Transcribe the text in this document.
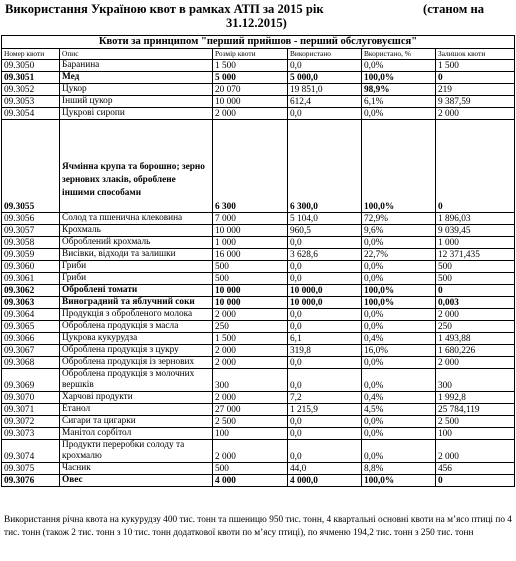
Використання Україною квот в рамках АТП за 2015 рік	(станом на
31.12.2015)
Квоти за принципом "перший прийшов - перший обслуговуєшся"					
Номер квоти	Опис	Розмір квоти	Використано	Вкористано, %	Залишок квоти
09.3050	Баранина	1 500	0,0	0,0%	1 500
09.3051	Мед	5 000	5 000,0	100,0%	0
09.3052	Цукор	20 070	19 851,0	98,9%	219
09.3053	Інший цукор	10 000	612,4	6,1%	9 387,59
09.3054	Цукрові сиропи	2 000	0,0	0,0%	2 000
09.3055	Ячмінна крупа та борошно; зерно зернових злаків, оброблене іншими способами	6 300	6 300,0	100,0%	0
09.3056	Солод та пшенична клековина	7 000	5 104,0	72,9%	1 896,03
09.3057	Крохмаль	10 000	960,5	9,6%	9 039,45
09.3058	Оброблений крохмаль	1 000	0,0	0,0%	1 000
09.3059	Висівки, відходи та залишки	16 000	3 628,6	22,7%	12 371,435
09.3060	Гриби	500	0,0	0,0%	500
09.3061	Гриби	500	0,0	0,0%	500
09.3062	Оброблені томати	10 000	10 000,0	100,0%	0
09.3063	Виноградний та яблучний соки	10 000	10 000,0	100,0%	0,003
09.3064	Продукція з обробленого молока	2 000	0,0	0,0%	2 000
09.3065	Оброблена продукція з масла	250	0,0	0,0%	250
09.3066	Цукрова кукурудза	1 500	6,1	0,4%	1 493,88
09.3067	Оброблена продукція з цукру	2 000	319,8	16,0%	1 680,226
09.3068	Оброблена продукція із зернових	2 000	0,0	0,0%	2 000
09.3069	Оброблена продукція з молочних вершків	300	0,0	0,0%	300
09.3070	Харчові продукти	2 000	7,2	0,4%	1 992,8
09.3071	Етанол	27 000	1 215,9	4,5%	25 784,119
09.3072	Сигари та цигарки	2 500	0,0	0,0%	2 500
09.3073	Манітол сорбітол	100	0,0	0,0%	100
09.3074	Продукти переробки солоду та крохмалю	2 000	0,0	0,0%	2 000
09.3075	Часник	500	44,0	8,8%	456
09.3076	Овес	4 000	4 000,0	100,0%	0
Використання річна квота на кукурудзу 400 тис. тонн та пшеницю 950 тис. тонн, 4 квартальні основні квоти на м’ясо птиці по 4 тис. тонн (також 2 тис. тонн з 10 тис. тонн додаткової квоти по м’ясу птиці), по ячменю 194,2 тис. тонн з 250 тис. тонн
